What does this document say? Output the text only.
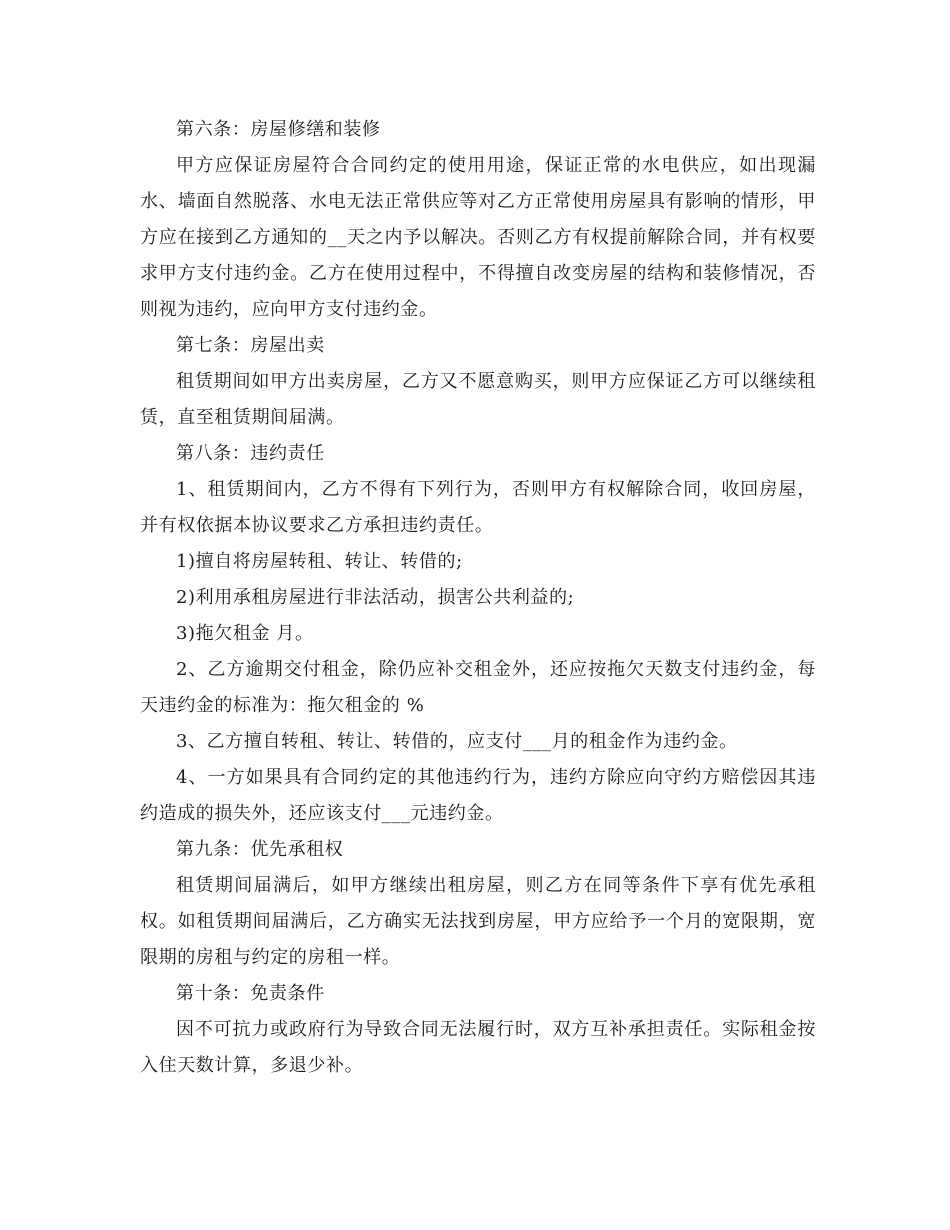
第六条：房屋修缮和装修

甲方应保证房屋符合合同约定的使用用途，保证正常的水电供应，如出现漏水、墙面自然脱落、水电无法正常供应等对乙方正常使用房屋具有影响的情形，甲方应在接到乙方通知的__天之内予以解决。否则乙方有权提前解除合同，并有权要求甲方支付违约金。乙方在使用过程中，不得擅自改变房屋的结构和装修情况，否则视为违约，应向甲方支付违约金。

第七条：房屋出卖

租赁期间如甲方出卖房屋，乙方又不愿意购买，则甲方应保证乙方可以继续租赁，直至租赁期间届满。

第八条：违约责任

1、租赁期间内，乙方不得有下列行为，否则甲方有权解除合同，收回房屋，并有权依据本协议要求乙方承担违约责任。

1)擅自将房屋转租、转让、转借的;

2)利用承租房屋进行非法活动，损害公共利益的;

3)拖欠租金 月。

2、乙方逾期交付租金，除仍应补交租金外，还应按拖欠天数支付违约金，每天违约金的标准为：拖欠租金的 %

3、乙方擅自转租、转让、转借的，应支付___月的租金作为违约金。

4、一方如果具有合同约定的其他违约行为，违约方除应向守约方赔偿因其违约造成的损失外，还应该支付___元违约金。

第九条：优先承租权

租赁期间届满后，如甲方继续出租房屋，则乙方在同等条件下享有优先承租权。如租赁期间届满后，乙方确实无法找到房屋，甲方应给予一个月的宽限期，宽限期的房租与约定的房租一样。

第十条：免责条件

因不可抗力或政府行为导致合同无法履行时，双方互补承担责任。实际租金按入住天数计算，多退少补。
